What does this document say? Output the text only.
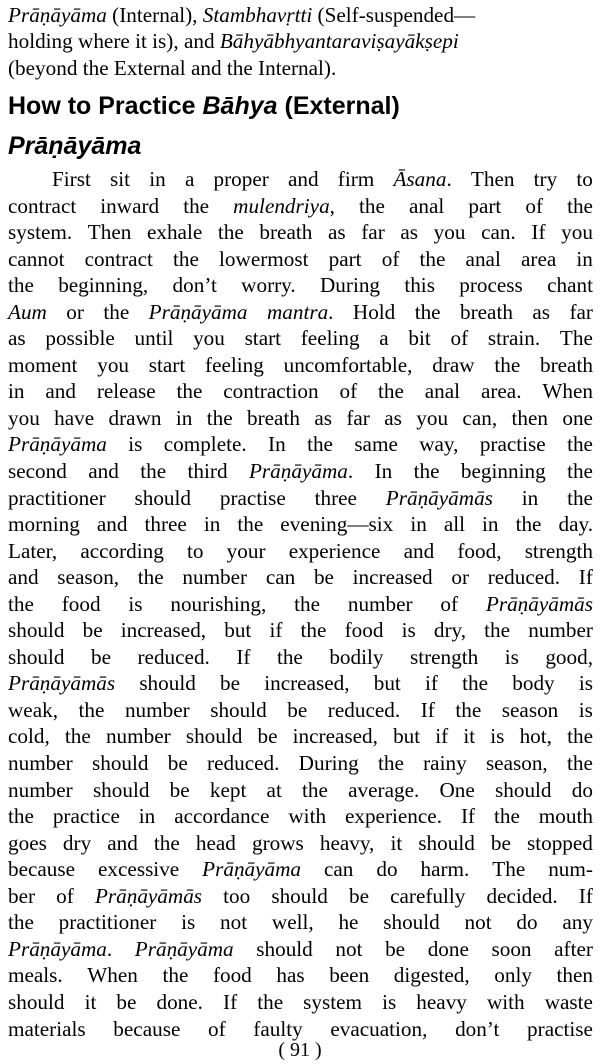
Prāṇāyāma (Internal), Stambhavṛtti (Self-suspended—
holding where it is), and Bāhyābhyantaraviṣayākṣepi
(beyond the External and the Internal).
How to Practice Bāhya (External)
Prāṇāyāma
First sit in a proper and firm Āsana. Then try to
contract inward the mulendriya, the anal part of the
system. Then exhale the breath as far as you can. If you
cannot contract the lowermost part of the anal area in
the beginning, don’t worry. During this process chant
Aum or the Prāṇāyāma mantra. Hold the breath as far
as possible until you start feeling a bit of strain. The
moment you start feeling uncomfortable, draw the breath
in and release the contraction of the anal area. When
you have drawn in the breath as far as you can, then one
Prāṇāyāma is complete. In the same way, practise the
second and the third Prāṇāyāma. In the beginning the
practitioner should practise three Prāṇāyāmās in the
morning and three in the evening—six in all in the day.
Later, according to your experience and food, strength
and season, the number can be increased or reduced. If
the food is nourishing, the number of Prāṇāyāmās
should be increased, but if the food is dry, the number
should be reduced. If the bodily strength is good,
Prāṇāyāmās should be increased, but if the body is
weak, the number should be reduced. If the season is
cold, the number should be increased, but if it is hot, the
number should be reduced. During the rainy season, the
number should be kept at the average. One should do
the practice in accordance with experience. If the mouth
goes dry and the head grows heavy, it should be stopped
because excessive Prāṇāyāma can do harm. The num-
ber of Prāṇāyāmās too should be carefully decided. If
the practitioner is not well, he should not do any
Prāṇāyāma. Prāṇāyāma should not be done soon after
meals. When the food has been digested, only then
should it be done. If the system is heavy with waste
materials because of faulty evacuation, don’t practise
( 91 )
